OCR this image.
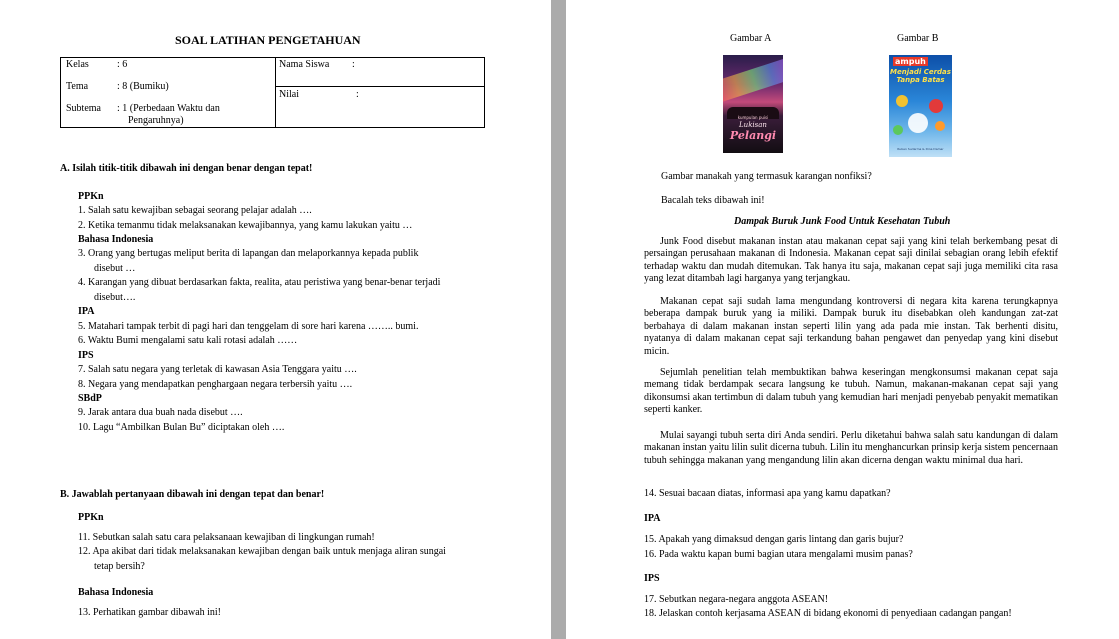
SOAL LATIHAN PENGETAHUAN
Kelas	: 6
Tema	: 8 (Bumiku)
Subtema : 1 (Perbedaan Waktu dan
Pengaruhnya)
Nama Siswa :
Nilai	:
A. Isilah titik-titik dibawah ini dengan benar dengan tepat!
PPKn
1. Salah satu kewajiban sebagai seorang pelajar adalah ….
2. Ketika temanmu tidak melaksanakan kewajibannya, yang kamu lakukan yaitu …
Bahasa Indonesia
3. Orang yang bertugas meliput berita di lapangan dan melaporkannya kepada publik
disebut …
4. Karangan yang dibuat berdasarkan fakta, realita, atau peristiwa yang benar-benar terjadi
disebut….
IPA
5. Matahari tampak terbit di pagi hari dan tenggelam di sore hari karena …….. bumi.
6. Waktu Bumi mengalami satu kali rotasi adalah ……
IPS
7. Salah satu negara yang terletak di kawasan Asia Tenggara yaitu ….
8. Negara yang mendapatkan penghargaan negara terbersih yaitu ….
SBdP
9. Jarak antara dua buah nada disebut ….
10. Lagu “Ambilkan Bulan Bu” diciptakan oleh ….
B. Jawablah pertanyaan dibawah ini dengan tepat dan benar!
PPKn
11. Sebutkan salah satu cara pelaksanaan kewajiban di lingkungan rumah!
12. Apa akibat dari tidak melaksanakan kewajiban dengan baik untuk menjaga aliran sungai
tetap bersih?
Bahasa Indonesia
13. Perhatikan gambar dibawah ini!
Gambar A	Gambar B
kumpulan puisi
Lukisan
Pelangi
ampuh
Menjadi Cerdas
Tanpa Batas
Ruben Sudarma & Dina Damar
Gambar manakah yang termasuk karangan nonfiksi?
Bacalah teks dibawah ini!
Dampak Buruk Junk Food Untuk Kesehatan Tubuh
Junk Food disebut makanan instan atau makanan cepat saji yang kini telah berkembang pesat di persaingan perusahaan makanan di Indonesia. Makanan cepat saji dinilai sebagian orang lebih efektif terhadap waktu dan mudah ditemukan. Tak hanya itu saja, makanan cepat saji juga memiliki cita rasa yang lezat ditambah lagi harganya yang terjangkau.
Makanan cepat saji sudah lama mengundang kontroversi di negara kita karena terungkapnya beberapa dampak buruk yang ia miliki. Dampak buruk itu disebabkan oleh kandungan zat-zat berbahaya di dalam makanan instan seperti lilin yang ada pada mie instan. Tak berhenti disitu, nyatanya di dalam makanan cepat saji terkandung bahan pengawet dan penyedap yang kini disebut micin.
Sejumlah penelitian telah membuktikan bahwa keseringan mengkonsumsi makanan cepat saja memang tidak berdampak secara langsung ke tubuh. Namun, makanan-makanan cepat saji yang dikonsumsi akan tertimbun di dalam tubuh yang kemudian hari menjadi penyebab penyakit mematikan seperti kanker.
Mulai sayangi tubuh serta diri Anda sendiri. Perlu diketahui bahwa salah satu kandungan di dalam makanan instan yaitu lilin sulit dicerna tubuh. Lilin itu menghancurkan prinsip kerja sistem pencernaan tubuh sehingga makanan yang mengandung lilin akan dicerna dengan waktu minimal dua hari.
14. Sesuai bacaan diatas, informasi apa yang kamu dapatkan?
IPA
15. Apakah yang dimaksud dengan garis lintang dan garis bujur?
16. Pada waktu kapan bumi bagian utara mengalami musim panas?
IPS
17. Sebutkan negara-negara anggota ASEAN!
18. Jelaskan contoh kerjasama ASEAN di bidang ekonomi di penyediaan cadangan pangan!
